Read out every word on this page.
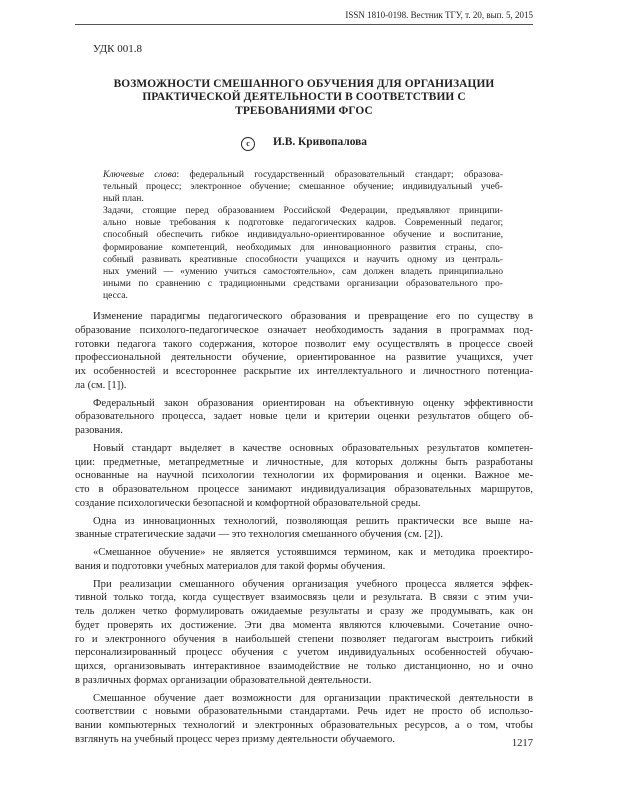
ISSN 1810-0198. Вестник ТГУ, т. 20, вып. 5, 2015
УДК 001.8
ВОЗМОЖНОСТИ СМЕШАННОГО ОБУЧЕНИЯ ДЛЯ ОРГАНИЗАЦИИ
ПРАКТИЧЕСКОЙ ДЕЯТЕЛЬНОСТИ В СООТВЕТСТВИИ С
ТРЕБОВАНИЯМИ ФГОС
c И.В. Кривопалова
Ключевые слова: федеральный государственный образовательный стандарт; образова-
тельный процесс; электронное обучение; смешанное обучение; индивидуальный учеб-
ный план.
Задачи, стоящие перед образованием Российской Федерации, предъявляют принципи-
ально новые требования к подготовке педагогических кадров. Современный педагог,
способный обеспечить гибкое индивидуально-ориентированное обучение и воспитание,
формирование компетенций, необходимых для инновационного развития страны, спо-
собный развивать креативные способности учащихся и научить одному из централь-
ных умений — «умению учиться самостоятельно», сам должен владеть принципиально
иными по сравнению с традиционными средствами организации образовательного про-
цесса.
Изменение парадигмы педагогического образования и превращение его по существу в
образование психолого-педагогическое означает необходимость задания в программах под-
готовки педагога такого содержания, которое позволит ему осуществлять в процессе своей
профессиональной деятельности обучение, ориентированное на развитие учащихся, учет
их особенностей и всестороннее раскрытие их интеллектуального и личностного потенциа-
ла (см. [1]).
Федеральный закон образования ориентирован на объективную оценку эффективности
образовательного процесса, задает новые цели и критерии оценки результатов общего об-
разования.
Новый стандарт выделяет в качестве основных образовательных результатов компетен-
ции: предметные, метапредметные и личностные, для которых должны быть разработаны
основанные на научной психологии технологии их формирования и оценки. Важное ме-
сто в образовательном процессе занимают индивидуализация образовательных маршрутов,
создание психологически безопасной и комфортной образовательной среды.
Одна из инновационных технологий, позволяющая решить практически все выше на-
званные стратегические задачи — это технология смешанного обучения (см. [2]).
«Смешанное обучение» не является устоявшимся термином, как и методика проектиро-
вания и подготовки учебных материалов для такой формы обучения.
При реализации смешанного обучения организация учебного процесса является эффек-
тивной только тогда, когда существует взаимосвязь цели и результата. В связи с этим учи-
тель должен четко формулировать ожидаемые результаты и сразу же продумывать, как он
будет проверять их достижение. Эти два момента являются ключевыми. Сочетание очно-
го и электронного обучения в наибольшей степени позволяет педагогам выстроить гибкий
персонализированный процесс обучения с учетом индивидуальных особенностей обучаю-
щихся, организовывать интерактивное взаимодействие не только дистанционно, но и очно
в различных формах организации образовательной деятельности.
Смешанное обучение дает возможности для организации практической деятельности в
соответствии с новыми образовательными стандартами. Речь идет не просто об использо-
вании компьютерных технологий и электронных образовательных ресурсов, а о том, чтобы
взглянуть на учебный процесс через призму деятельности обучаемого.	1217
